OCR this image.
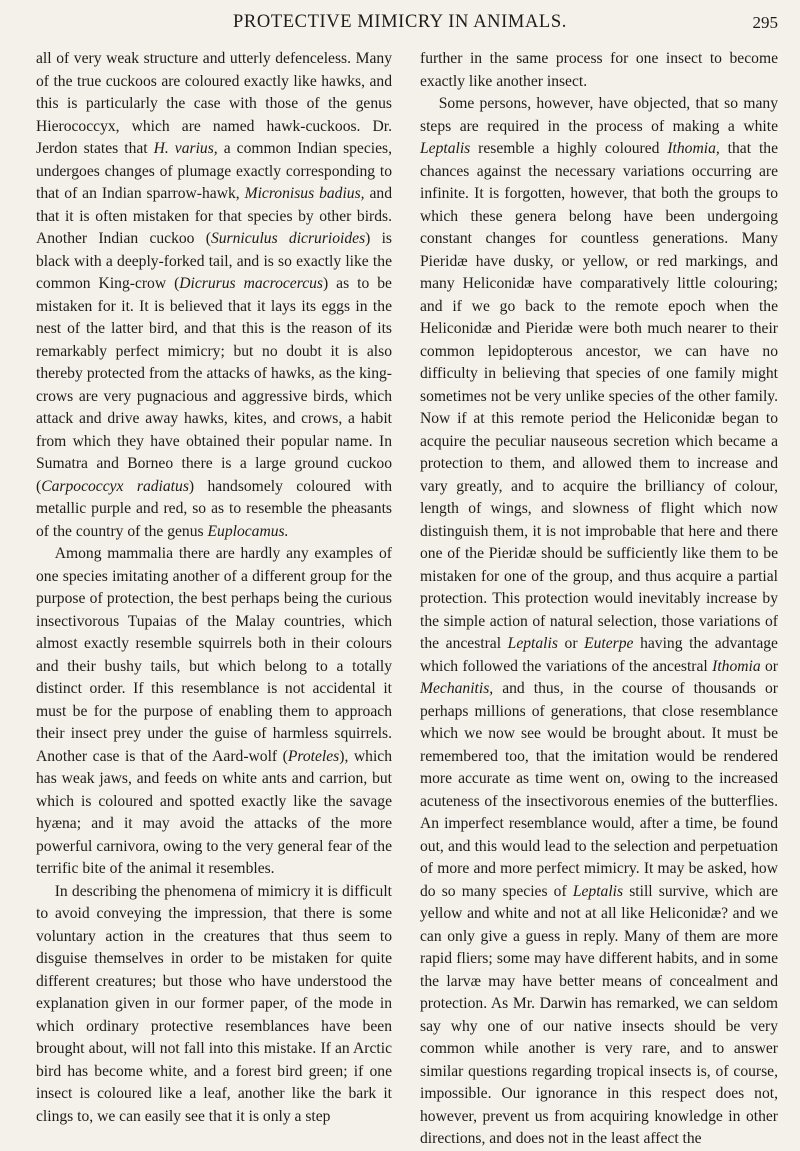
PROTECTIVE MIMICRY IN ANIMALS.	295

all of very weak structure and utterly defenceless. Many of the true cuckoos are coloured exactly like hawks, and this is particularly the case with those of the genus Hierococcyx, which are named hawk-cuckoos. Dr. Jerdon states that H. varius, a common Indian species, undergoes changes of plumage exactly corresponding to that of an Indian sparrow-hawk, Micronisus badius, and that it is often mistaken for that species by other birds. Another Indian cuckoo (Surniculus dicrurioides) is black with a deeply-forked tail, and is so exactly like the common King-crow (Dicrurus macrocercus) as to be mistaken for it. It is believed that it lays its eggs in the nest of the latter bird, and that this is the reason of its remarkably perfect mimicry; but no doubt it is also thereby protected from the attacks of hawks, as the king-crows are very pugnacious and aggressive birds, which attack and drive away hawks, kites, and crows, a habit from which they have obtained their popular name. In Sumatra and Borneo there is a large ground cuckoo (Carpococcyx radiatus) handsomely coloured with metallic purple and red, so as to resemble the pheasants of the country of the genus Euplocamus.

Among mammalia there are hardly any examples of one species imitating another of a different group for the purpose of protection, the best perhaps being the curious insectivorous Tupaias of the Malay countries, which almost exactly resemble squirrels both in their colours and their bushy tails, but which belong to a totally distinct order. If this resemblance is not accidental it must be for the purpose of enabling them to approach their insect prey under the guise of harmless squirrels. Another case is that of the Aard-wolf (Proteles), which has weak jaws, and feeds on white ants and carrion, but which is coloured and spotted exactly like the savage hyæna; and it may avoid the attacks of the more powerful carnivora, owing to the very general fear of the terrific bite of the animal it resembles.

In describing the phenomena of mimicry it is difficult to avoid conveying the impression, that there is some voluntary action in the creatures that thus seem to disguise themselves in order to be mistaken for quite different creatures; but those who have understood the explanation given in our former paper, of the mode in which ordinary protective resemblances have been brought about, will not fall into this mistake. If an Arctic bird has become white, and a forest bird green; if one insect is coloured like a leaf, another like the bark it clings to, we can easily see that it is only a step

further in the same process for one insect to become exactly like another insect.

Some persons, however, have objected, that so many steps are required in the process of making a white Leptalis resemble a highly coloured Ithomia, that the chances against the necessary variations occurring are infinite. It is forgotten, however, that both the groups to which these genera belong have been undergoing constant changes for countless generations. Many Pieridæ have dusky, or yellow, or red markings, and many Heliconidæ have comparatively little colouring; and if we go back to the remote epoch when the Heliconidæ and Pieridæ were both much nearer to their common lepidopterous ancestor, we can have no difficulty in believing that species of one family might sometimes not be very unlike species of the other family. Now if at this remote period the Heliconidæ began to acquire the peculiar nauseous secretion which became a protection to them, and allowed them to increase and vary greatly, and to acquire the brilliancy of colour, length of wings, and slowness of flight which now distinguish them, it is not improbable that here and there one of the Pieridæ should be sufficiently like them to be mistaken for one of the group, and thus acquire a partial protection. This protection would inevitably increase by the simple action of natural selection, those variations of the ancestral Leptalis or Euterpe having the advantage which followed the variations of the ancestral Ithomia or Mechanitis, and thus, in the course of thousands or perhaps millions of generations, that close resemblance which we now see would be brought about. It must be remembered too, that the imitation would be rendered more accurate as time went on, owing to the increased acuteness of the insectivorous enemies of the butterflies. An imperfect resemblance would, after a time, be found out, and this would lead to the selection and perpetuation of more and more perfect mimicry. It may be asked, how do so many species of Leptalis still survive, which are yellow and white and not at all like Heliconidæ? and we can only give a guess in reply. Many of them are more rapid fliers; some may have different habits, and in some the larvæ may have better means of concealment and protection. As Mr. Darwin has remarked, we can seldom say why one of our native insects should be very common while another is very rare, and to answer similar questions regarding tropical insects is, of course, impossible. Our ignorance in this respect does not, however, prevent us from acquiring knowledge in other directions, and does not in the least affect the
